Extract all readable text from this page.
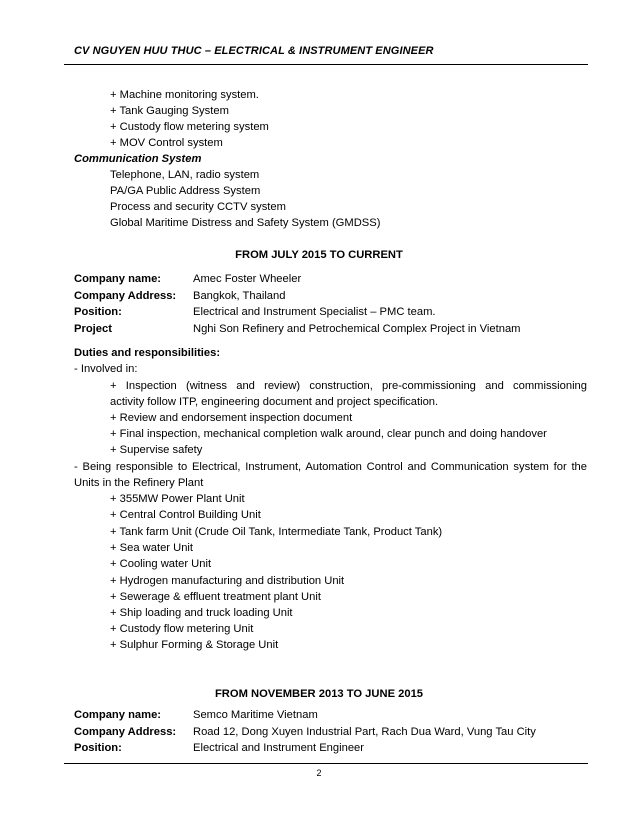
CV NGUYEN HUU THUC – ELECTRICAL & INSTRUMENT ENGINEER
+ Machine monitoring system.
+ Tank Gauging System
+ Custody flow metering system
+ MOV Control system
Communication System
Telephone, LAN, radio system
PA/GA Public Address System
Process and security CCTV system
Global Maritime Distress and Safety System (GMDSS)
FROM JULY 2015 TO CURRENT
Company name:	Amec Foster Wheeler
Company Address: Bangkok, Thailand
Position:	Electrical and Instrument Specialist – PMC team.
Project	Nghi Son Refinery and Petrochemical Complex Project in Vietnam
Duties and responsibilities:
- Involved in:
+ Inspection (witness and review) construction, pre-commissioning and commissioning
activity follow ITP, engineering document and project specification.
+ Review and endorsement inspection document
+ Final inspection, mechanical completion walk around, clear punch and doing handover
+ Supervise safety
- Being responsible to Electrical, Instrument, Automation Control and Communication system for the
Units in the Refinery Plant
+ 355MW Power Plant Unit
+ Central Control Building Unit
+ Tank farm Unit (Crude Oil Tank, Intermediate Tank, Product Tank)
+ Sea water Unit
+ Cooling water Unit
+ Hydrogen manufacturing and distribution Unit
+ Sewerage & effluent treatment plant Unit
+ Ship loading and truck loading Unit
+ Custody flow metering Unit
+ Sulphur Forming & Storage Unit
FROM NOVEMBER 2013 TO JUNE 2015
Company name:	Semco Maritime Vietnam
Company Address: Road 12, Dong Xuyen Industrial Part, Rach Dua Ward, Vung Tau City
Position:	Electrical and Instrument Engineer
2
